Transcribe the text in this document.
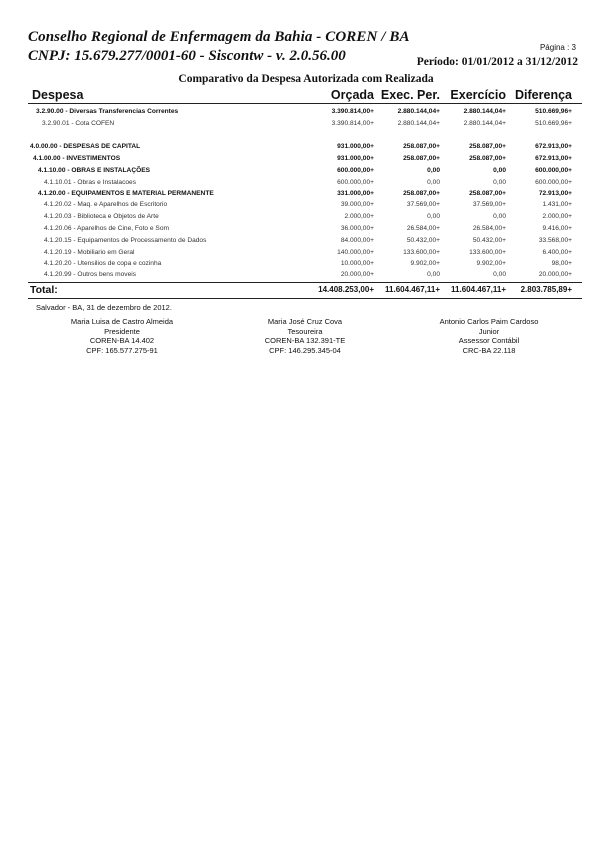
Conselho Regional de Enfermagem da Bahia - COREN / BA
CNPJ: 15.679.277/0001-60 - Siscontw - v. 2.0.56.00
Página : 3
Período: 01/01/2012 a 31/12/2012
Comparativo da Despesa Autorizada com Realizada
Despesa	Orçada Exec. Per. Exercício Diferença
3.2.90.00 - Diversas Transferencias Correntes	3.390.814,00+	2.880.144,04+	2.880.144,04+	510.669,96+
3.2.90.01 - Cota COFEN	3.390.814,00+	2.880.144,04+	2.880.144,04+	510.669,96+
4.0.00.00 - DESPESAS DE CAPITAL	931.000,00+	258.087,00+	258.087,00+	672.913,00+
4.1.00.00 - INVESTIMENTOS	931.000,00+	258.087,00+	258.087,00+	672.913,00+
4.1.10.00 - OBRAS E INSTALAÇÕES	600.000,00+	0,00	0,00	600.000,00+
4.1.10.01 - Obras e Instalacoes	600.000,00+	0,00	0,00	600.000,00+
4.1.20.00 - EQUIPAMENTOS E MATERIAL PERMANENTE	331.000,00+	258.087,00+	258.087,00+	72.913,00+
4.1.20.02 - Maq. e Aparelhos de Escritorio	39.000,00+	37.569,00+	37.569,00+	1.431,00+
4.1.20.03 - Biblioteca e Objetos de Arte	2.000,00+	0,00	0,00	2.000,00+
4.1.20.06 - Aparelhos de Cine, Foto e Som	36.000,00+	26.584,00+	26.584,00+	9.416,00+
4.1.20.15 - Equipamentos de Processamento de Dados	84.000,00+	50.432,00+	50.432,00+	33.568,00+
4.1.20.19 - Mobiliario em Geral	140.000,00+	133.600,00+	133.600,00+	6.400,00+
4.1.20.20 - Utensilios de copa e cozinha	10.000,00+	9.902,00+	9.902,00+	98,00+
4.1.20.99 - Outros bens moveis	20.000,00+	0,00	0,00	20.000,00+
Total:	14.408.253,00+	11.604.467,11+	11.604.467,11+	2.803.785,89+
Salvador - BA, 31 de dezembro de 2012.
Maria Luisa de Castro Almeida
Presidente
COREN-BA 14.402
CPF: 165.577.275-91
Maria José Cruz Cova
Tesoureira
COREN-BA 132.391-TE
CPF: 146.295.345-04
Antonio Carlos Paim Cardoso
Junior
Assessor Contábil
CRC-BA 22.118
